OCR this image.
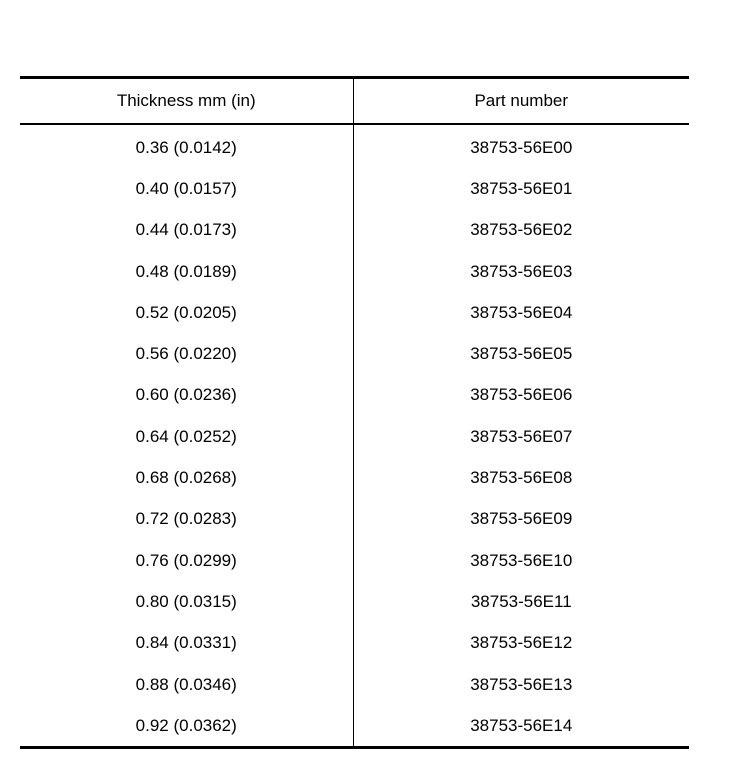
Thickness mm (in)	Part number
0.36 (0.0142)	38753-56E00
0.40 (0.0157)	38753-56E01
0.44 (0.0173)	38753-56E02
0.48 (0.0189)	38753-56E03
0.52 (0.0205)	38753-56E04
0.56 (0.0220)	38753-56E05
0.60 (0.0236)	38753-56E06
0.64 (0.0252)	38753-56E07
0.68 (0.0268)	38753-56E08
0.72 (0.0283)	38753-56E09
0.76 (0.0299)	38753-56E10
0.80 (0.0315)	38753-56E11
0.84 (0.0331)	38753-56E12
0.88 (0.0346)	38753-56E13
0.92 (0.0362)	38753-56E14
